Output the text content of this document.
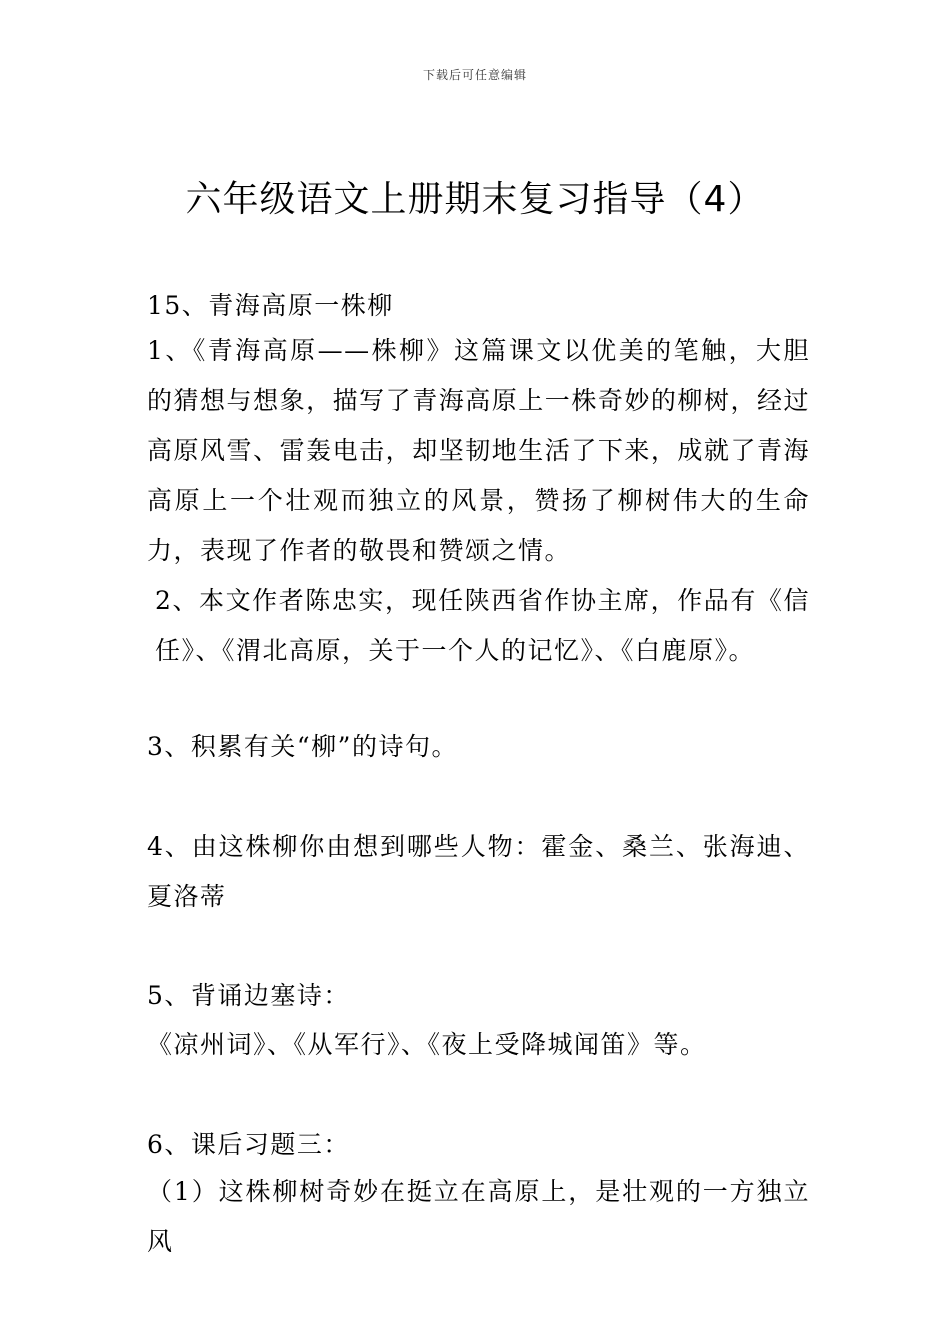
下载后可任意编辑
六年级语文上册期末复习指导（4）

15、青海高原一株柳

1、《青海高原——株柳》这篇课文以优美的笔触，大胆的猜想与想象，描写了青海高原上一株奇妙的柳树，经过高原风雪、雷轰电击，却坚韧地生活了下来，成就了青海高原上一个壮观而独立的风景，赞扬了柳树伟大的生命力，表现了作者的敬畏和赞颂之情。

2、本文作者陈忠实，现任陕西省作协主席，作品有《信任》、《渭北高原，关于一个人的记忆》、《白鹿原》。

3、积累有关“柳”的诗句。

4、由这株柳你由想到哪些人物：霍金、桑兰、张海迪、夏洛蒂

5、背诵边塞诗：

《凉州词》、《从军行》、《夜上受降城闻笛》等。

6、课后习题三：

（1）这株柳树奇妙在挺立在高原上，是壮观的一方独立风
